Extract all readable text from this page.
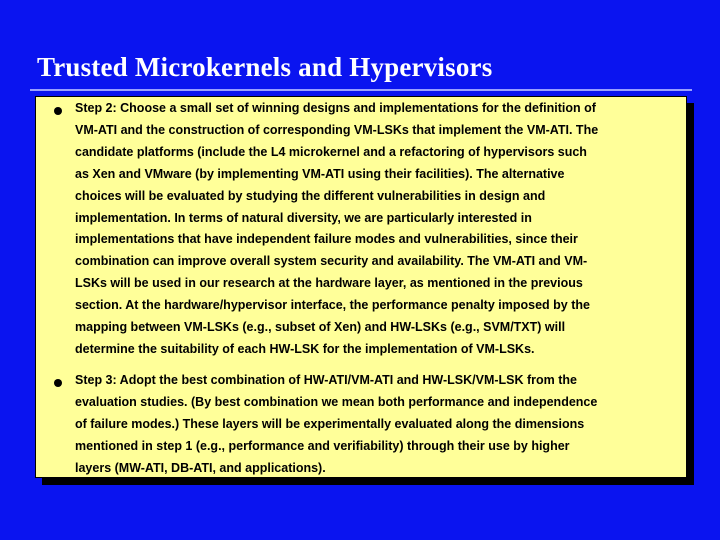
Trusted Microkernels and Hypervisors

Step 2: Choose a small set of winning designs and implementations for the definition of
VM-ATI and the construction of corresponding VM-LSKs that implement the VM-ATI. The
candidate platforms (include the L4 microkernel and a refactoring of hypervisors such
as Xen and VMware (by implementing VM-ATI using their facilities). The alternative
choices will be evaluated by studying the different vulnerabilities in design and
implementation. In terms of natural diversity, we are particularly interested in
implementations that have independent failure modes and vulnerabilities, since their
combination can improve overall system security and availability. The VM-ATI and VM-
LSKs will be used in our research at the hardware layer, as mentioned in the previous
section. At the hardware/hypervisor interface, the performance penalty imposed by the
mapping between VM-LSKs (e.g., subset of Xen) and HW-LSKs (e.g., SVM/TXT) will
determine the suitability of each HW-LSK for the implementation of VM-LSKs.

Step 3: Adopt the best combination of HW-ATI/VM-ATI and HW-LSK/VM-LSK from the
evaluation studies. (By best combination we mean both performance and independence
of failure modes.) These layers will be experimentally evaluated along the dimensions
mentioned in step 1 (e.g., performance and verifiability) through their use by higher
layers (MW-ATI, DB-ATI, and applications).
